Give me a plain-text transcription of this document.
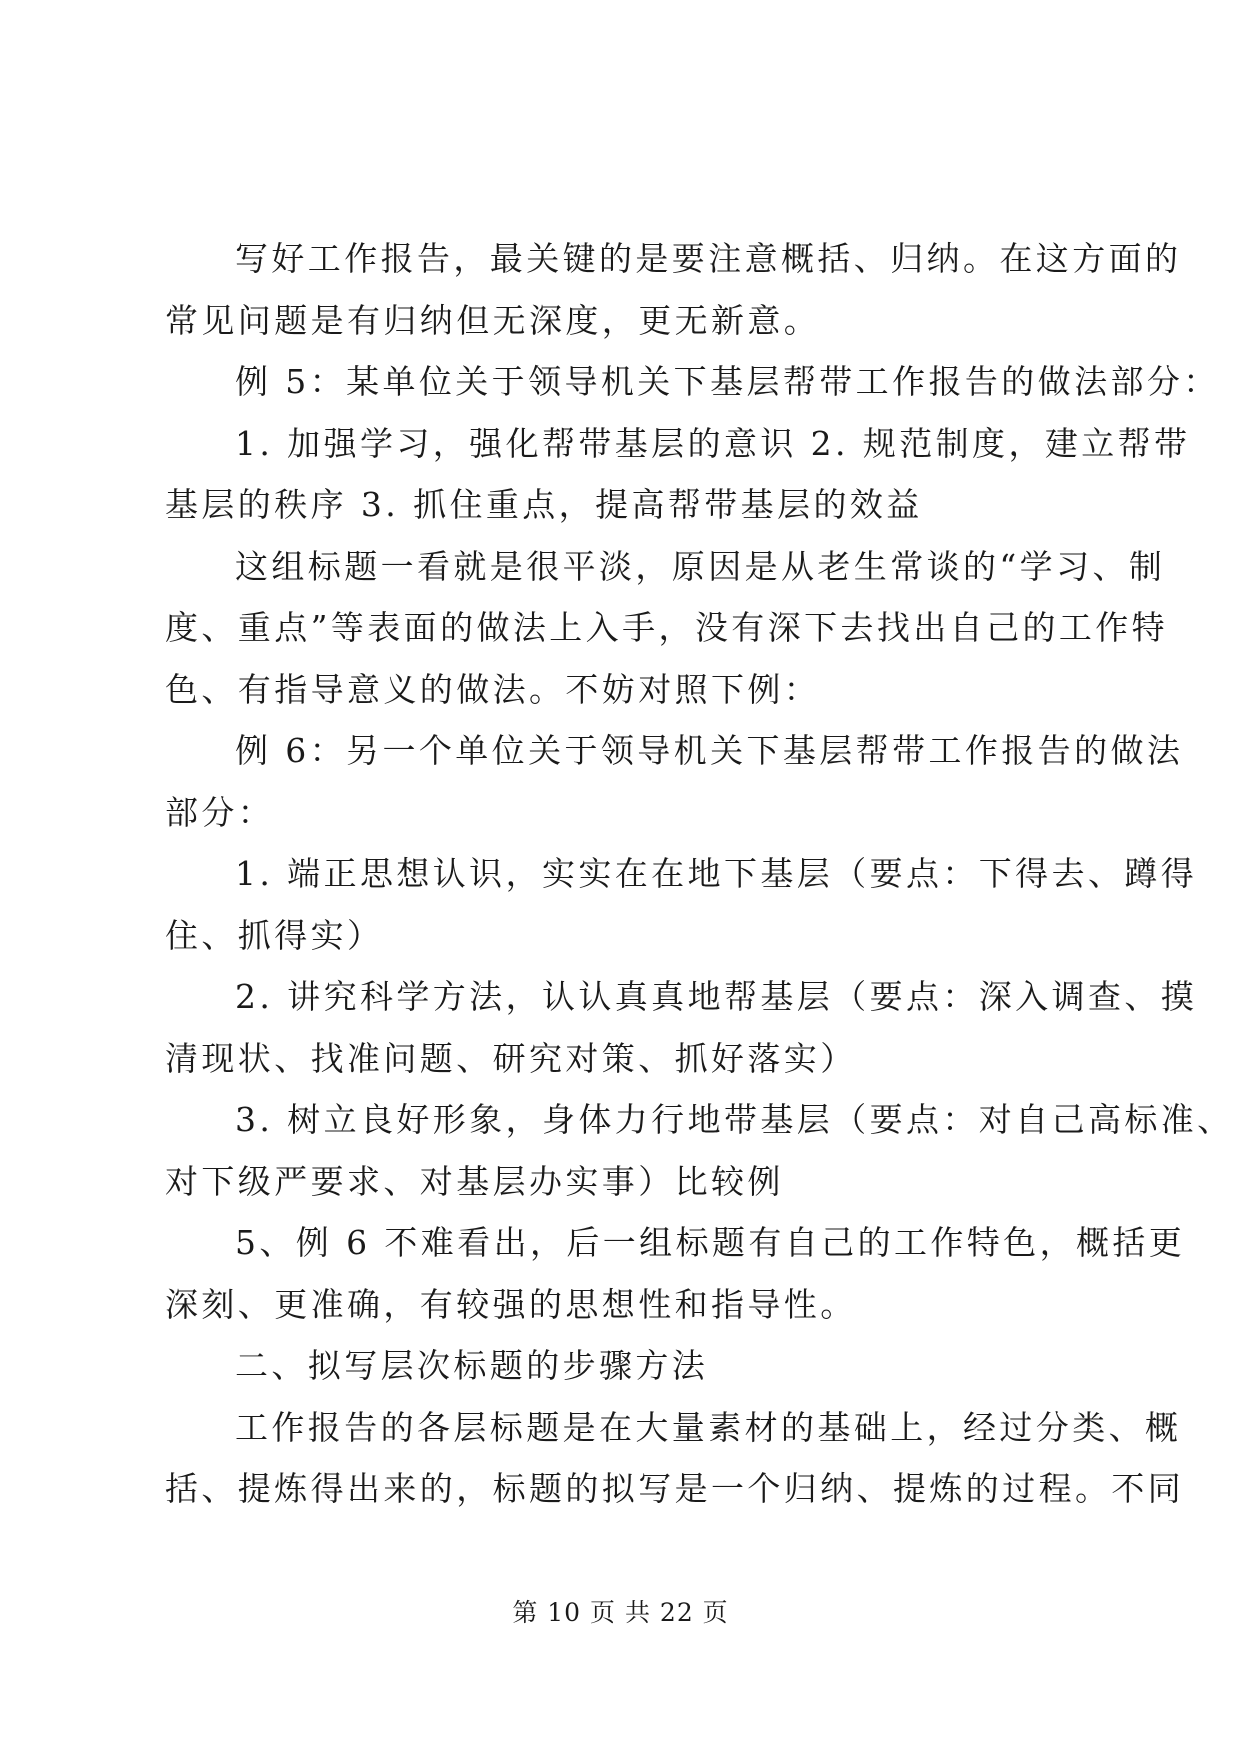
写好工作报告，最关键的是要注意概括、归纳。在这方面的
常见问题是有归纳但无深度，更无新意。
例 5：某单位关于领导机关下基层帮带工作报告的做法部分：
1. 加强学习，强化帮带基层的意识 2. 规范制度，建立帮带
基层的秩序 3. 抓住重点，提高帮带基层的效益
这组标题一看就是很平淡，原因是从老生常谈的“学习、制
度、重点”等表面的做法上入手，没有深下去找出自己的工作特
色、有指导意义的做法。不妨对照下例：
例 6：另一个单位关于领导机关下基层帮带工作报告的做法
部分：
1. 端正思想认识，实实在在地下基层（要点：下得去、蹲得
住、抓得实）
2. 讲究科学方法，认认真真地帮基层（要点：深入调查、摸
清现状、找准问题、研究对策、抓好落实）
3. 树立良好形象，身体力行地带基层（要点：对自己高标准、
对下级严要求、对基层办实事）比较例
5、例 6 不难看出，后一组标题有自己的工作特色，概括更
深刻、更准确，有较强的思想性和指导性。
二、拟写层次标题的步骤方法
工作报告的各层标题是在大量素材的基础上，经过分类、概
括、提炼得出来的，标题的拟写是一个归纳、提炼的过程。不同
第 10 页 共 22 页
